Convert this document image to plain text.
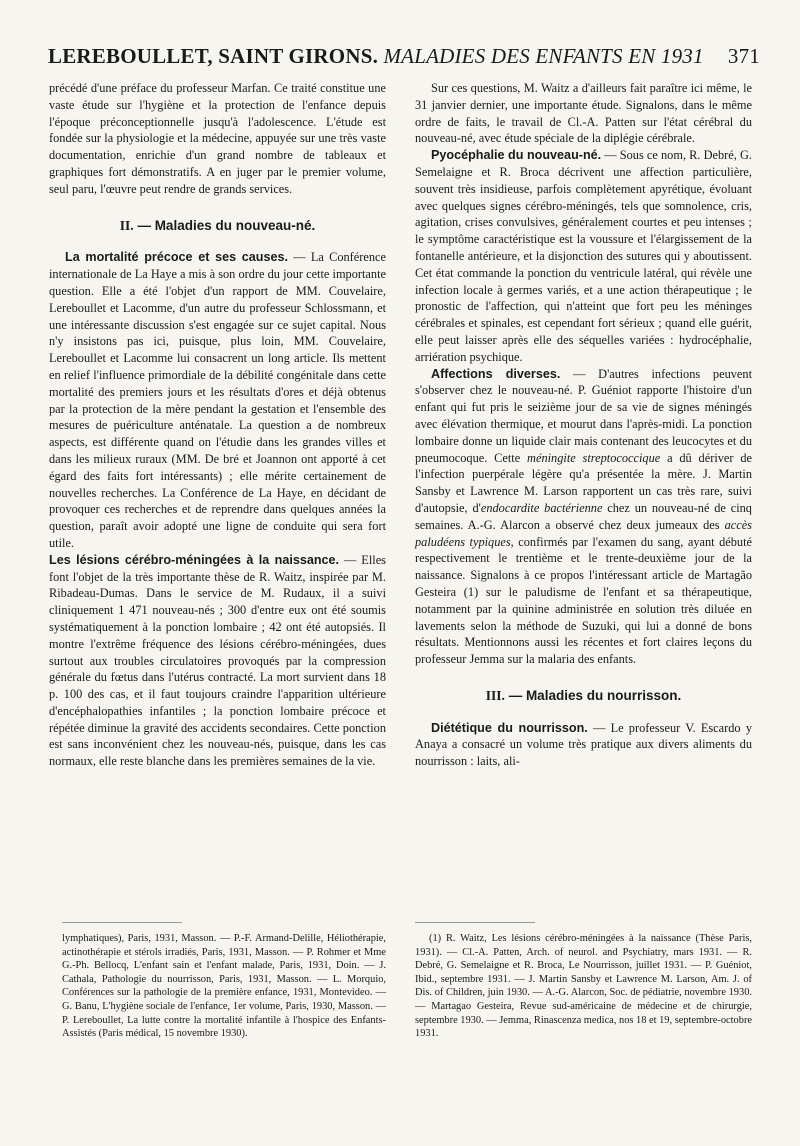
LEREBOULLET, SAINT GIRONS. MALADIES DES ENFANTS EN 1931 371

précédé d'une préface du professeur Marfan. Ce traité constitue une vaste étude sur l'hygiène et la protection de l'enfance depuis l'époque préconceptionnelle jusqu'à l'adolescence. L'étude est fondée sur la physiologie et la médecine, appuyée sur une très vaste documentation, enrichie d'un grand nombre de tableaux et graphiques fort démonstratifs. A en juger par le premier volume, seul paru, l'œuvre peut rendre de grands services.

II. — Maladies du nouveau-né.

La mortalité précoce et ses causes. — La Conférence internationale de La Haye a mis à son ordre du jour cette importante question. Elle a été l'objet d'un rapport de MM. Couvelaire, Lereboullet et Lacomme, d'un autre du professeur Schlossmann, et une intéressante discussion s'est engagée sur ce sujet capital. Nous n'y insistons pas ici, puisque, plus loin, MM. Couvelaire, Lereboullet et Lacomme lui consacrent un long article. Ils mettent en relief l'influence primordiale de la débilité congénitale dans cette mortalité des premiers jours et les résultats d'ores et déjà obtenus par la protection de la mère pendant la gestation et l'ensemble des mesures de puériculture anténatale. La question a de nombreux aspects, est différente quand on l'étudie dans les grandes villes et dans les milieux ruraux (MM. De bré et Joannon ont apporté à cet égard des faits fort intéressants) ; elle mérite certainement de nouvelles recherches. La Conférence de La Haye, en décidant de provoquer ces recherches et de reprendre dans quelques années la question, paraît avoir adopté une ligne de conduite qui sera fort utile.

Les lésions cérébro-méningées à la naissance. — Elles font l'objet de la très importante thèse de R. Waitz, inspirée par M. Ribadeau-Dumas. Dans le service de M. Rudaux, il a suivi cliniquement 1 471 nouveau-nés ; 300 d'entre eux ont été soumis systématiquement à la ponction lombaire ; 42 ont été autopsiés. Il montre l'extrême fréquence des lésions cérébro-méningées, dues surtout aux troubles circulatoires provoqués par la compression générale du fœtus dans l'utérus contracté. La mort survient dans 18 p. 100 des cas, et il faut toujours craindre l'apparition ultérieure d'encéphalopathies infantiles ; la ponction lombaire précoce et répétée diminue la gravité des accidents secondaires. Cette ponction est sans inconvénient chez les nouveau-nés, puisque, dans les cas normaux, elle reste blanche dans les premières semaines de la vie.

Sur ces questions, M. Waitz a d'ailleurs fait paraître ici même, le 31 janvier dernier, une importante étude. Signalons, dans le même ordre de faits, le travail de Cl.-A. Patten sur l'état cérébral du nouveau-né, avec étude spéciale de la diplégie cérébrale.

Pyocéphalie du nouveau-né. — Sous ce nom, R. Debré, G. Semelaigne et R. Broca décrivent une affection particulière, souvent très insidieuse, parfois complètement apyrétique, évoluant avec quelques signes cérébro-méningés, tels que somnolence, cris, agitation, crises convulsives, généralement courtes et peu intenses ; le symptôme caractéristique est la voussure et l'élargissement de la fontanelle antérieure, et la disjonction des sutures qui y aboutissent. Cet état commande la ponction du ventricule latéral, qui révèle une infection locale à germes variés, et a une action thérapeutique ; le pronostic de l'affection, qui n'atteint que fort peu les méninges cérébrales et spinales, est cependant fort sérieux ; quand elle guérit, elle peut laisser après elle des séquelles variées : hydrocéphalie, arriération psychique.

Affections diverses. — D'autres infections peuvent s'observer chez le nouveau-né. P. Guéniot rapporte l'histoire d'un enfant qui fut pris le seizième jour de sa vie de signes méningés avec élévation thermique, et mourut dans l'après-midi. La ponction lombaire donne un liquide clair mais contenant des leucocytes et du pneumocoque. Cette méningite streptococcique a dû dériver de l'infection puerpérale légère qu'a présentée la mère. J. Martin Sansby et Lawrence M. Larson rapportent un cas très rare, suivi d'autopsie, d'endocardite bactérienne chez un nouveau-né de cinq semaines. A.-G. Alarcon a observé chez deux jumeaux des accès paludéens typiques, confirmés par l'examen du sang, ayant débuté respectivement le trentième et le trente-deuxième jour de la naissance. Signalons à ce propos l'intéressant article de Martagão Gesteira (1) sur le paludisme de l'enfant et sa thérapeutique, notamment par la quinine administrée en solution très diluée en lavements selon la méthode de Suzuki, qui lui a donné de bons résultats. Mentionnons aussi les récentes et fort claires leçons du professeur Jemma sur la malaria des enfants.

III. — Maladies du nourrisson.

Diététique du nourrisson. — Le professeur V. Escardo y Anaya a consacré un volume très pratique aux divers aliments du nourrisson : laits, ali-

lymphatiques), Paris, 1931, Masson. — P.-F. Armand-Delille, Héliothérapie, actinothérapie et stérols irradiés, Paris, 1931, Masson. — P. Rohmer et Mme G.-Ph. Bellocq, L'enfant sain et l'enfant malade, Paris, 1931, Doin. — J. Cathala, Pathologie du nourrisson, Paris, 1931, Masson. — L. Morquio, Conférences sur la pathologie de la première enfance, 1931, Montevideo. — G. Banu, L'hygiène sociale de l'enfance, 1er volume, Paris, 1930, Masson. — P. Lereboullet, La lutte contre la mortalité infantile à l'hospice des Enfants-Assistés (Paris médical, 15 novembre 1930).

(1) R. Waitz, Les lésions cérébro-méningées à la naissance (Thèse Paris, 1931). — Cl.-A. Patten, Arch. of neurol. and Psychiatry, mars 1931. — R. Debré, G. Semelaigne et R. Broca, Le Nourrisson, juillet 1931. — P. Guéniot, Ibid., septembre 1931. — J. Martin Sansby et Lawrence M. Larson, Am. J. of Dis. of Children, juin 1930. — A.-G. Alarcon, Soc. de pédiatrie, novembre 1930. — Martagao Gesteira, Revue sud-américaine de médecine et de chirurgie, septembre 1930. — Jemma, Rinascenza medica, nos 18 et 19, septembre-octobre 1931.
